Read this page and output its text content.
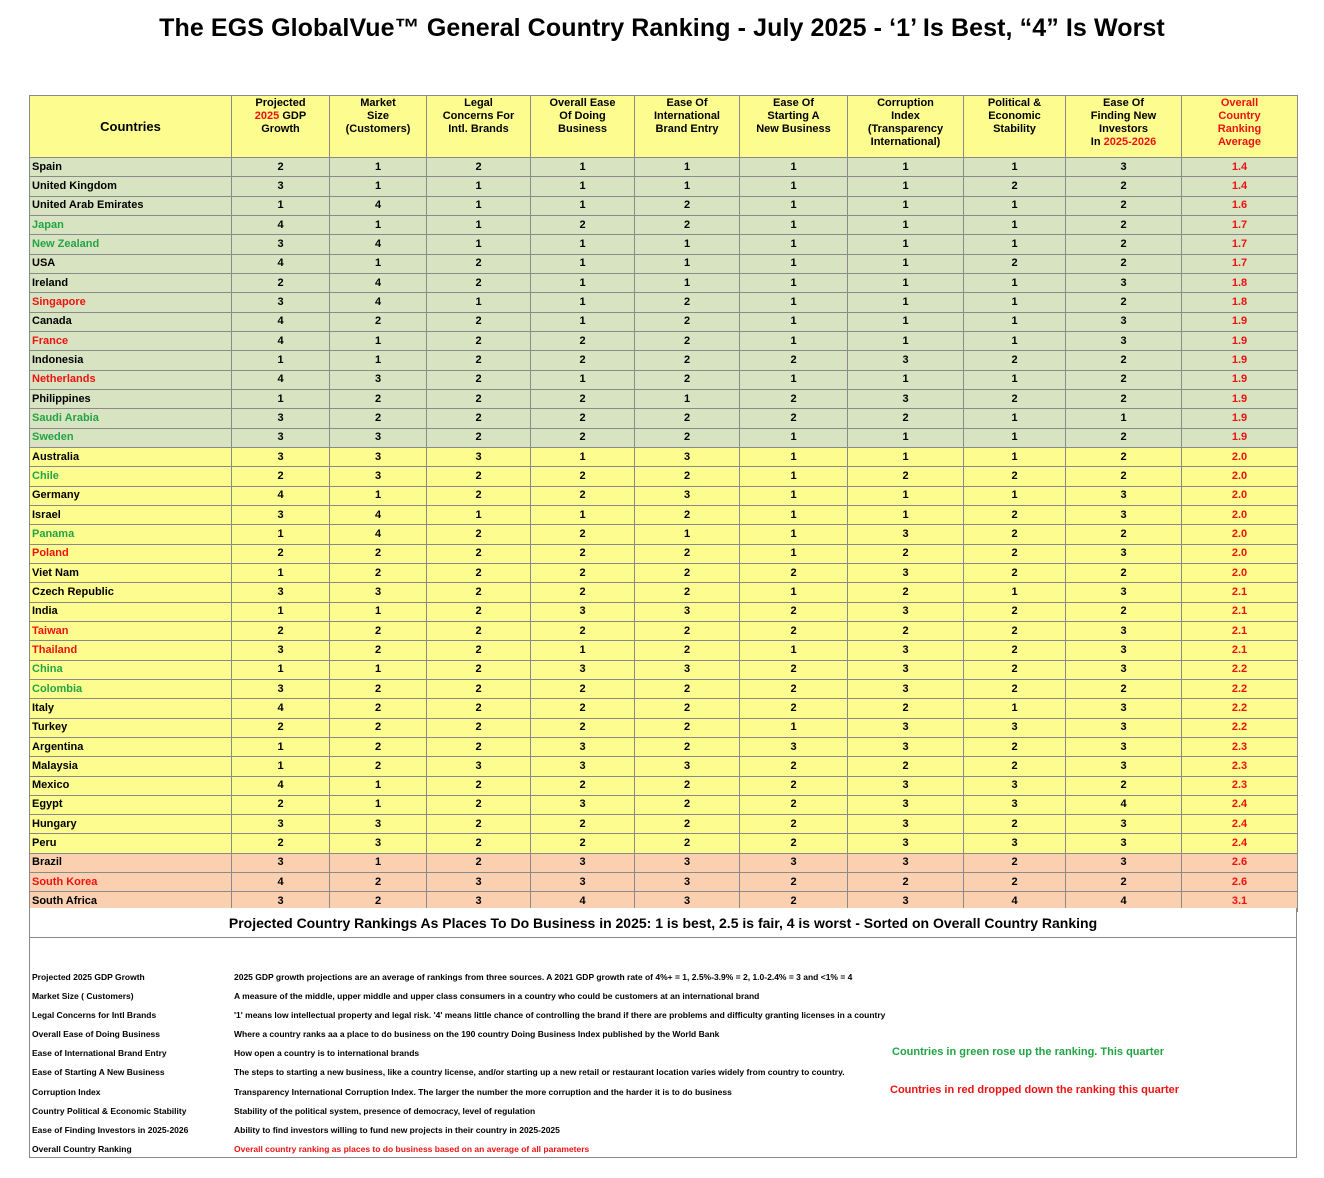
The EGS GlobalVue™ General Country Ranking - July 2025 - ‘1’ Is Best, “4” Is Worst
Countries	Projected
2025 GDP
Growth	Market
Size
(Customers)	Legal
Concerns For
Intl. Brands	Overall Ease
Of Doing
Business	Ease Of
International
Brand Entry	Ease Of
Starting A
New Business	Corruption
Index
(Transparency
International)	Political &
Economic
Stability	Ease Of
Finding New
Investors
In 2025-2026	Overall
Country
Ranking
Average
Spain	2	1	2	1	1	1	1	1	3	1.4
United Kingdom	3	1	1	1	1	1	1	2	2	1.4
United Arab Emirates	1	4	1	1	2	1	1	1	2	1.6
Japan	4	1	1	2	2	1	1	1	2	1.7
New Zealand	3	4	1	1	1	1	1	1	2	1.7
USA	4	1	2	1	1	1	1	2	2	1.7
Ireland	2	4	2	1	1	1	1	1	3	1.8
Singapore	3	4	1	1	2	1	1	1	2	1.8
Canada	4	2	2	1	2	1	1	1	3	1.9
France	4	1	2	2	2	1	1	1	3	1.9
Indonesia	1	1	2	2	2	2	3	2	2	1.9
Netherlands	4	3	2	1	2	1	1	1	2	1.9
Philippines	1	2	2	2	1	2	3	2	2	1.9
Saudi Arabia	3	2	2	2	2	2	2	1	1	1.9
Sweden	3	3	2	2	2	1	1	1	2	1.9
Australia	3	3	3	1	3	1	1	1	2	2.0
Chile	2	3	2	2	2	1	2	2	2	2.0
Germany	4	1	2	2	3	1	1	1	3	2.0
Israel	3	4	1	1	2	1	1	2	3	2.0
Panama	1	4	2	2	1	1	3	2	2	2.0
Poland	2	2	2	2	2	1	2	2	3	2.0
Viet Nam	1	2	2	2	2	2	3	2	2	2.0
Czech Republic	3	3	2	2	2	1	2	1	3	2.1
India	1	1	2	3	3	2	3	2	2	2.1
Taiwan	2	2	2	2	2	2	2	2	3	2.1
Thailand	3	2	2	1	2	1	3	2	3	2.1
China	1	1	2	3	3	2	3	2	3	2.2
Colombia	3	2	2	2	2	2	3	2	2	2.2
Italy	4	2	2	2	2	2	2	1	3	2.2
Turkey	2	2	2	2	2	1	3	3	3	2.2
Argentina	1	2	2	3	2	3	3	2	3	2.3
Malaysia	1	2	3	3	3	2	2	2	3	2.3
Mexico	4	1	2	2	2	2	3	3	2	2.3
Egypt	2	1	2	3	2	2	3	3	4	2.4
Hungary	3	3	2	2	2	2	3	2	3	2.4
Peru	2	3	2	2	2	2	3	3	3	2.4
Brazil	3	1	2	3	3	3	3	2	3	2.6
South Korea	4	2	3	3	3	2	2	2	2	2.6
South Africa	3	2	3	4	3	2	3	4	4	3.1
Projected Country Rankings As Places To Do Business in 2025: 1 is best, 2.5 is fair, 4 is worst - Sorted on Overall Country Ranking
Projected 2025 GDP Growth	2025 GDP growth projections are an average of rankings from three sources. A 2021 GDP growth rate of 4%+ = 1, 2.5%-3.9% = 2, 1.0-2.4% = 3 and <1% = 4
Market Size ( Customers)	A measure of the middle, upper middle and upper class consumers in a country who could be customers at an international brand
Legal Concerns for Intl Brands	'1' means low intellectual property and legal risk. '4' means little chance of controlling the brand if there are problems and difficulty granting licenses in a country
Overall Ease of Doing Business	Where a country ranks aa a place to do business on the 190 country Doing Business Index published by the World Bank
Ease of International Brand Entry	How open a country is to international brands
Ease of Starting A New Business	The steps to starting a new business, like a country license, and/or starting up a new retail or restaurant location varies widely from country to country.
Corruption Index	Transparency International Corruption Index. The larger the number the more corruption and the harder it is to do business
Country Political & Economic Stability	Stability of the political system, presence of democracy, level of regulation
Ease of Finding Investors in 2025-2026	Ability to find investors willing to fund new projects in their country in 2025-2025
Overall Country Ranking	Overall country ranking as places to do business based on an average of all parameters
Countries in green rose up the ranking. This quarter
Countries in red dropped down the ranking this quarter
